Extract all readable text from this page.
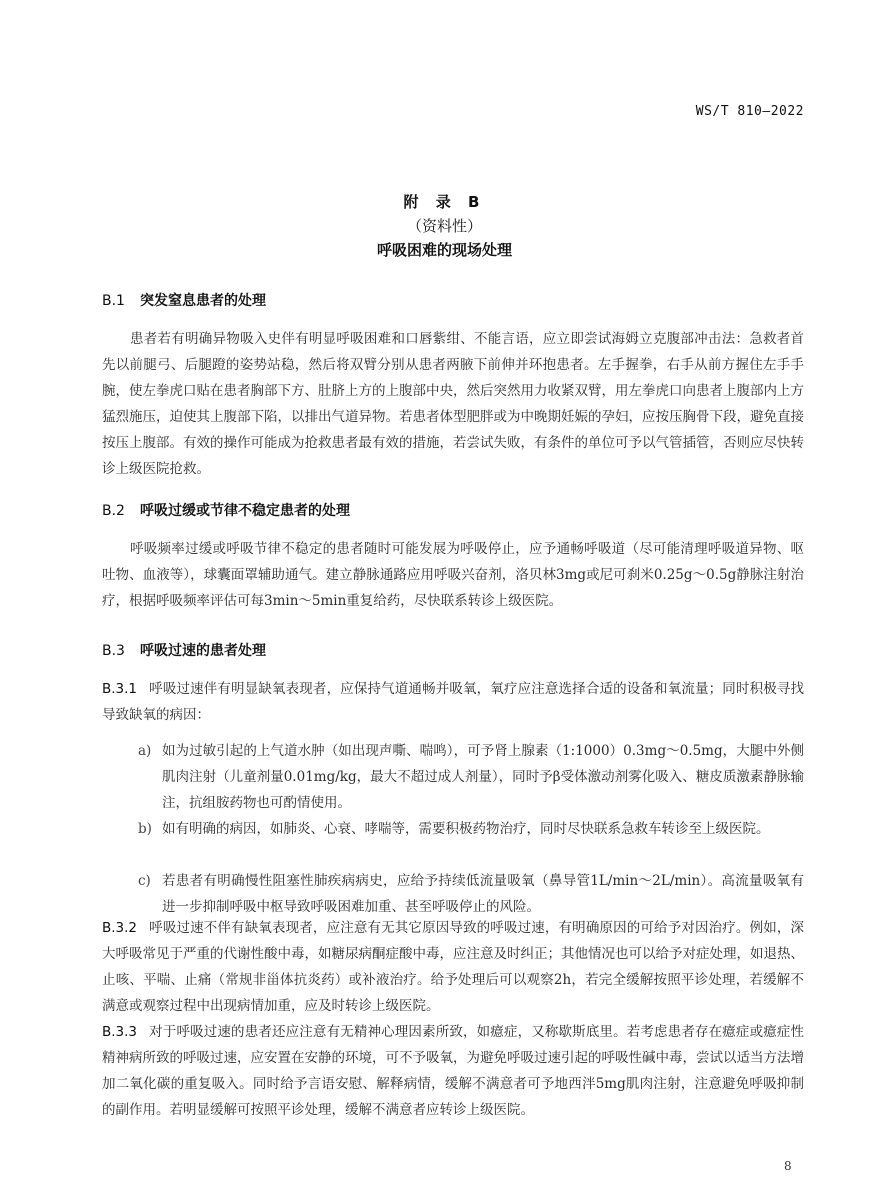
WS/T 810—2022
附 录 B
（资料性）
呼吸困难的现场处理
B.1 突发窒息患者的处理
患者若有明确异物吸入史伴有明显呼吸困难和口唇紫绀、不能言语，应立即尝试海姆立克腹部冲击法：急救者首先以前腿弓、后腿蹬的姿势站稳，然后将双臂分别从患者两腋下前伸并环抱患者。左手握拳，右手从前方握住左手手腕，使左拳虎口贴在患者胸部下方、肚脐上方的上腹部中央，然后突然用力收紧双臂，用左拳虎口向患者上腹部内上方猛烈施压，迫使其上腹部下陷，以排出气道异物。若患者体型肥胖或为中晚期妊娠的孕妇，应按压胸骨下段，避免直接按压上腹部。有效的操作可能成为抢救患者最有效的措施，若尝试失败，有条件的单位可予以气管插管，否则应尽快转诊上级医院抢救。
B.2 呼吸过缓或节律不稳定患者的处理
呼吸频率过缓或呼吸节律不稳定的患者随时可能发展为呼吸停止，应予通畅呼吸道（尽可能清理呼吸道异物、呕吐物、血液等），球囊面罩辅助通气。建立静脉通路应用呼吸兴奋剂，洛贝林3mg或尼可刹米0.25g～0.5g静脉注射治疗，根据呼吸频率评估可每3min～5min重复给药，尽快联系转诊上级医院。
B.3 呼吸过速的患者处理
B.3.1 呼吸过速伴有明显缺氧表现者，应保持气道通畅并吸氧，氧疗应注意选择合适的设备和氧流量；同时积极寻找导致缺氧的病因：
a) 如为过敏引起的上气道水肿（如出现声嘶、喘鸣），可予肾上腺素（1:1000）0.3mg～0.5mg，大腿中外侧肌肉注射（儿童剂量0.01mg/kg，最大不超过成人剂量），同时予β受体激动剂雾化吸入、糖皮质激素静脉输注，抗组胺药物也可酌情使用。
b) 如有明确的病因，如肺炎、心衰、哮喘等，需要积极药物治疗，同时尽快联系急救车转诊至上级医院。
c) 若患者有明确慢性阻塞性肺疾病病史，应给予持续低流量吸氧（鼻导管1L/min～2L/min）。高流量吸氧有进一步抑制呼吸中枢导致呼吸困难加重、甚至呼吸停止的风险。
B.3.2 呼吸过速不伴有缺氧表现者，应注意有无其它原因导致的呼吸过速，有明确原因的可给予对因治疗。例如，深大呼吸常见于严重的代谢性酸中毒，如糖尿病酮症酸中毒，应注意及时纠正；其他情况也可以给予对症处理，如退热、止咳、平喘、止痛（常规非甾体抗炎药）或补液治疗。给予处理后可以观察2h，若完全缓解按照平诊处理，若缓解不满意或观察过程中出现病情加重，应及时转诊上级医院。
B.3.3 对于呼吸过速的患者还应注意有无精神心理因素所致，如癔症，又称歇斯底里。若考虑患者存在癔症或癔症性精神病所致的呼吸过速，应安置在安静的环境，可不予吸氧，为避免呼吸过速引起的呼吸性碱中毒，尝试以适当方法增加二氧化碳的重复吸入。同时给予言语安慰、解释病情，缓解不满意者可予地西泮5mg肌肉注射，注意避免呼吸抑制的副作用。若明显缓解可按照平诊处理，缓解不满意者应转诊上级医院。
8
